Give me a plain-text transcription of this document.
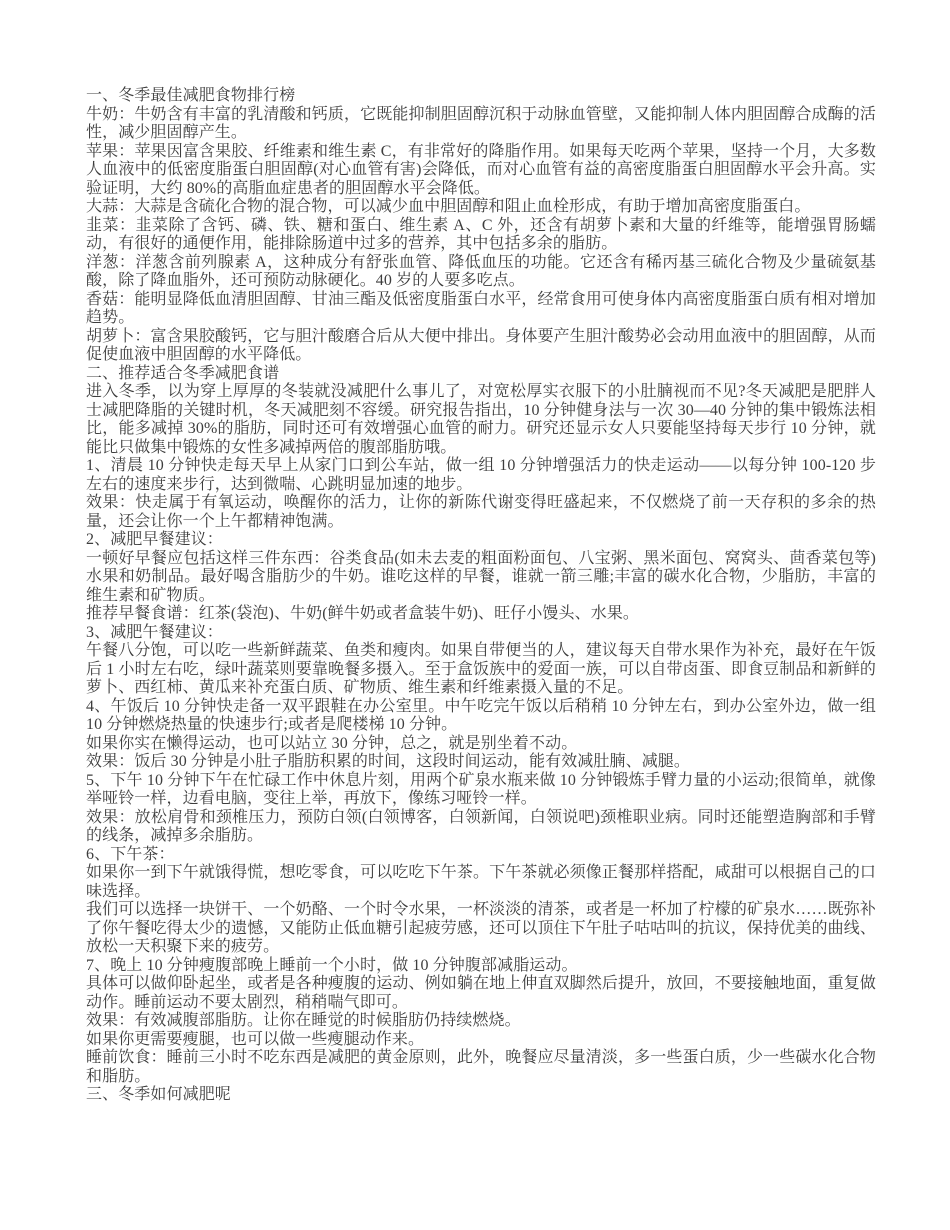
一、冬季最佳减肥食物排行榜

牛奶：牛奶含有丰富的乳清酸和钙质，它既能抑制胆固醇沉积于动脉血管壁，又能抑制人体内胆固醇合成酶的活性，减少胆固醇产生。

苹果：苹果因富含果胶、纤维素和维生素 C，有非常好的降脂作用。如果每天吃两个苹果，坚持一个月，大多数人血液中的低密度脂蛋白胆固醇(对心血管有害)会降低，而对心血管有益的高密度脂蛋白胆固醇水平会升高。实验证明，大约 80%的高脂血症患者的胆固醇水平会降低。

大蒜：大蒜是含硫化合物的混合物，可以减少血中胆固醇和阻止血栓形成，有助于增加高密度脂蛋白。

韭菜：韭菜除了含钙、磷、铁、糖和蛋白、维生素 A、C 外，还含有胡萝卜素和大量的纤维等，能增强胃肠蠕动，有很好的通便作用，能排除肠道中过多的营养，其中包括多余的脂肪。

洋葱：洋葱含前列腺素 A，这种成分有舒张血管、降低血压的功能。它还含有稀丙基三硫化合物及少量硫氨基酸，除了降血脂外，还可预防动脉硬化。40 岁的人要多吃点。

香菇：能明显降低血清胆固醇、甘油三酯及低密度脂蛋白水平，经常食用可使身体内高密度脂蛋白质有相对增加趋势。

胡萝卜：富含果胶酸钙，它与胆汁酸磨合后从大便中排出。身体要产生胆汁酸势必会动用血液中的胆固醇，从而促使血液中胆固醇的水平降低。

二、推荐适合冬季减肥食谱

进入冬季，以为穿上厚厚的冬装就没减肥什么事儿了，对宽松厚实衣服下的小肚腩视而不见?冬天减肥是肥胖人士减肥降脂的关键时机，冬天减肥刻不容缓。研究报告指出，10 分钟健身法与一次 30—40 分钟的集中锻炼法相比，能多减掉 30%的脂肪，同时还可有效增强心血管的耐力。研究还显示女人只要能坚持每天步行 10 分钟，就能比只做集中锻炼的女性多减掉两倍的腹部脂肪哦。

1、清晨 10 分钟快走每天早上从家门口到公车站，做一组 10 分钟增强活力的快走运动——以每分钟 100-120 步左右的速度来步行，达到微喘、心跳明显加速的地步。

效果：快走属于有氧运动，唤醒你的活力，让你的新陈代谢变得旺盛起来，不仅燃烧了前一天存积的多余的热量，还会让你一个上午都精神饱满。

2、减肥早餐建议：

一顿好早餐应包括这样三件东西：谷类食品(如未去麦的粗面粉面包、八宝粥、黑米面包、窝窝头、茴香菜包等)水果和奶制品。最好喝含脂肪少的牛奶。谁吃这样的早餐，谁就一箭三雕;丰富的碳水化合物，少脂肪，丰富的维生素和矿物质。

推荐早餐食谱：红茶(袋泡)、牛奶(鲜牛奶或者盒装牛奶)、旺仔小馒头、水果。

3、减肥午餐建议：

午餐八分饱，可以吃一些新鲜蔬菜、鱼类和瘦肉。如果自带便当的人，建议每天自带水果作为补充，最好在午饭后 1 小时左右吃，绿叶蔬菜则要靠晚餐多摄入。至于盒饭族中的爱面一族，可以自带卤蛋、即食豆制品和新鲜的萝卜、西红柿、黄瓜来补充蛋白质、矿物质、维生素和纤维素摄入量的不足。

4、午饭后 10 分钟快走备一双平跟鞋在办公室里。中午吃完午饭以后稍稍 10 分钟左右，到办公室外边，做一组 10 分钟燃烧热量的快速步行;或者是爬楼梯 10 分钟。

如果你实在懒得运动，也可以站立 30 分钟，总之，就是别坐着不动。

效果：饭后 30 分钟是小肚子脂肪积累的时间，这段时间运动，能有效减肚腩、减腿。

5、下午 10 分钟下午在忙碌工作中休息片刻，用两个矿泉水瓶来做 10 分钟锻炼手臂力量的小运动;很简单，就像举哑铃一样，边看电脑，变往上举，再放下，像练习哑铃一样。

效果：放松肩骨和颈椎压力，预防白领(白领博客，白领新闻，白领说吧)颈椎职业病。同时还能塑造胸部和手臂的线条，减掉多余脂肪。

6、下午茶：

如果你一到下午就饿得慌，想吃零食，可以吃吃下午茶。下午茶就必须像正餐那样搭配，咸甜可以根据自己的口味选择。

我们可以选择一块饼干、一个奶酪、一个时令水果，一杯淡淡的清茶，或者是一杯加了柠檬的矿泉水……既弥补了你午餐吃得太少的遗憾，又能防止低血糖引起疲劳感，还可以顶住下午肚子咕咕叫的抗议，保持优美的曲线、放松一天积聚下来的疲劳。

7、晚上 10 分钟瘦腹部晚上睡前一个小时，做 10 分钟腹部减脂运动。

具体可以做仰卧起坐，或者是各种瘦腹的运动、例如躺在地上伸直双脚然后提升，放回，不要接触地面，重复做动作。睡前运动不要太剧烈，稍稍喘气即可。

效果：有效减腹部脂肪。让你在睡觉的时候脂肪仍持续燃烧。

如果你更需要瘦腿，也可以做一些瘦腿动作来。

睡前饮食：睡前三小时不吃东西是减肥的黄金原则，此外，晚餐应尽量清淡，多一些蛋白质，少一些碳水化合物和脂肪。

三、冬季如何减肥呢
